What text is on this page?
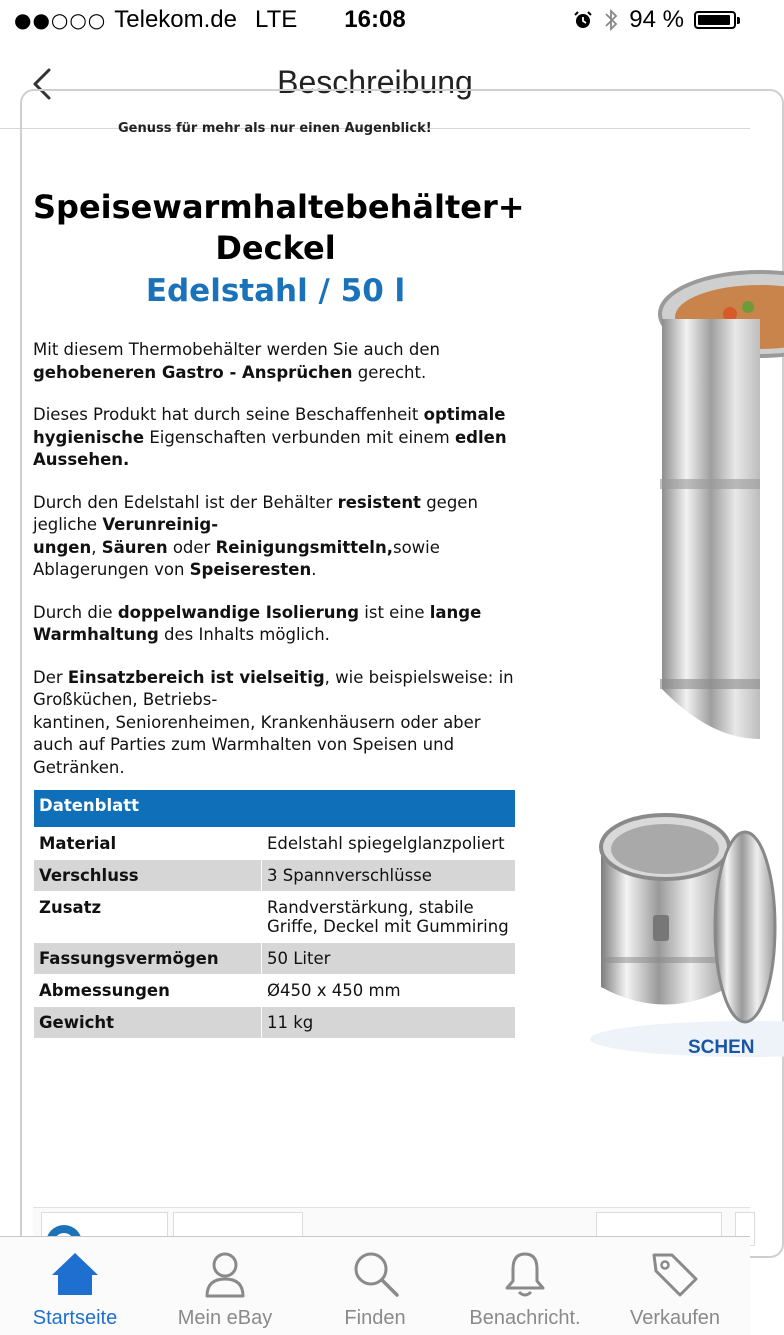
●●○○○ Telekom.de LTE	16:08	94 %
Beschreibung
Genuss für mehr als nur einen Augenblick!
Speisewarmhaltebehälter+
Deckel
Edelstahl / 50 l

Mit diesem Thermobehälter werden Sie auch den gehobeneren Gastro - Ansprüchen gerecht.

Dieses Produkt hat durch seine Beschaffenheit optimale hygienische Eigenschaften verbunden mit einem edlen Aussehen.

Durch den Edelstahl ist der Behälter resistent gegen jegliche Verunreinig-
ungen, Säuren oder Reinigungsmitteln,sowie Ablagerungen von Speiseresten.

Durch die doppelwandige Isolierung ist eine lange Warmhaltung des Inhalts möglich.

Der Einsatzbereich ist vielseitig, wie beispielsweise: in Großküchen, Betriebs-
kantinen, Seniorenheimen, Krankenhäusern oder aber auch auf Parties zum Warmhalten von Speisen und Getränken.

Datenblatt	
Material	Edelstahl spiegelglanzpoliert
Verschluss	3 Spannverschlüsse
Zusatz	Randverstärkung, stabile Griffe, Deckel mit Gummiring
Fassungsvermögen	50 Liter
Abmessungen	Ø450 x 450 mm
Gewicht	11 kg
SCHEN
Startseite	Mein eBay	Finden	Benachricht.	Verkaufen
